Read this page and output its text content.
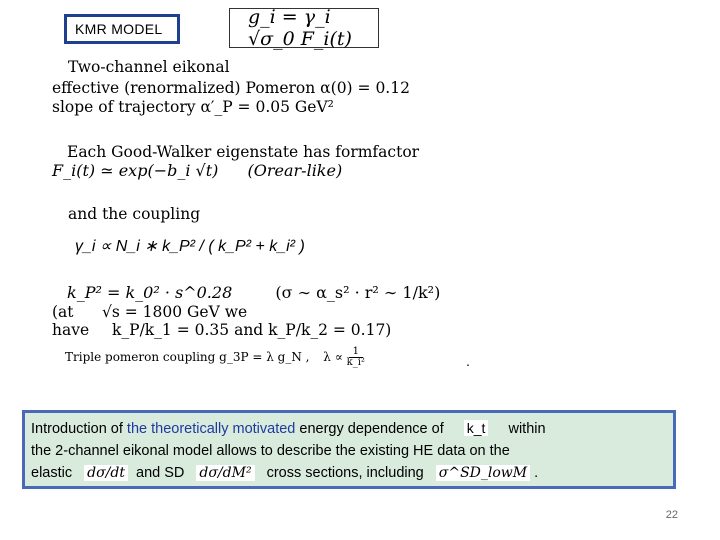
KMR MODEL
g_i = γ_i √σ_0 F_i(t)
Two-channel eikonal
effective (renormalized) Pomeron α(0) = 0.12
slope of trajectory α′_P = 0.05 GeV²
Each Good-Walker eigenstate has formfactor
F_i(t) ≃ exp(−b_i √t) (Orear-like)
and the coupling
γ_i ∝ N_i ∗ k_P² / ( k_P² + k_i² )
k_P² = k_0² · s^0.28	(σ ∼ α_s² · r² ∼ 1/k²)
(at √s = 1800 GeV we
have k_P/k_1 = 0.35 and k_P/k_2 = 0.17)
Triple pomeron coupling g_3P = λ g_N , $\lambda \propto \frac{1}{\text{k\_i²}}$	.
Introduction of the theoretically motivated energy dependence of k_t within
the 2-channel eikonal model allows to describe the existing HE data on the
elastic dσ/dt and SD dσ/dM² cross sections, including σ^SD_lowM .
22
